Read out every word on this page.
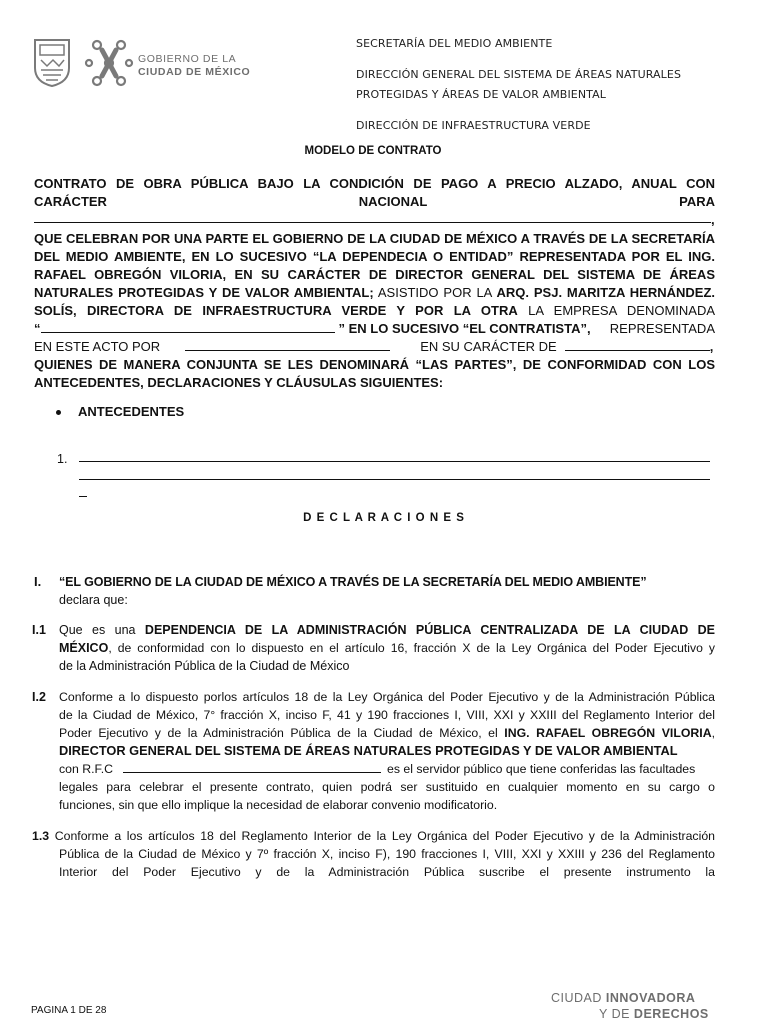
GOBIERNO DE LA
CIUDAD DE MÉXICO
SECRETARÍA DEL MEDIO AMBIENTE
DIRECCIÓN GENERAL DEL SISTEMA DE ÁREAS NATURALES
PROTEGIDAS Y ÁREAS DE VALOR AMBIENTAL
DIRECCIÓN DE INFRAESTRUCTURA VERDE
MODELO DE CONTRATO
CONTRATO DE OBRA PÚBLICA BAJO LA CONDICIÓN DE PAGO A PRECIO ALZADO, ANUAL CON
CARÁCTER	NACIONAL	PARA
,
QUE CELEBRAN POR UNA PARTE EL GOBIERNO DE LA CIUDAD DE MÉXICO A TRAVÉS DE LA SECRETARÍA
DEL MEDIO AMBIENTE, EN LO SUCESIVO “LA DEPENDECIA O ENTIDAD” REPRESENTADA POR EL ING.
RAFAEL OBREGÓN VILORIA, EN SU CARÁCTER DE DIRECTOR GENERAL DEL SISTEMA DE ÁREAS
NATURALES PROTEGIDAS Y DE VALOR AMBIENTAL; ASISTIDO POR LA ARQ. PSJ. MARITZA HERNÁNDEZ.
SOLÍS, DIRECTORA DE INFRAESTRUCTURA VERDE Y POR LA OTRA LA EMPRESA DENOMINADA
“	” EN LO SUCESIVO “EL CONTRATISTA”, REPRESENTADA
EN ESTE ACTO POR	EN SU CARÁCTER DE	,
QUIENES DE MANERA CONJUNTA SE LES DENOMINARÁ “LAS PARTES”, DE CONFORMIDAD CON LOS
ANTECEDENTES, DECLARACIONES Y CLÁUSULAS SIGUIENTES:
ANTECEDENTES
1.
D E C L A R A C I O N E S
I. “EL GOBIERNO DE LA CIUDAD DE MÉXICO A TRAVÉS DE LA SECRETARÍA DEL MEDIO AMBIENTE”
declara que:
I.1 Que es una DEPENDENCIA DE LA ADMINISTRACIÓN PÚBLICA CENTRALIZADA DE LA CIUDAD DE
MÉXICO, de conformidad con lo dispuesto en el artículo 16, fracción X de la Ley Orgánica del Poder Ejecutivo y
de la Administración Pública de la Ciudad de México
I.2 Conforme a lo dispuesto porlos artículos 18 de la Ley Orgánica del Poder Ejecutivo y de la Administración Pública
de la Ciudad de México, 7° fracción X, inciso F, 41 y 190 fracciones I, VIII, XXI y XXIII del Reglamento Interior del
Poder Ejecutivo y de la Administración Pública de la Ciudad de México, el ING. RAFAEL OBREGÓN VILORIA,
DIRECTOR GENERAL DEL SISTEMA DE ÁREAS NATURALES PROTEGIDAS Y DE VALOR AMBIENTAL
con R.F.C	es el servidor público que tiene conferidas las facultades
legales para celebrar el presente contrato, quien podrá ser sustituido en cualquier momento en su cargo o
funciones, sin que ello implique la necesidad de elaborar convenio modificatorio.
1.3 Conforme a los artículos 18 del Reglamento Interior de la Ley Orgánica del Poder Ejecutivo y de la Administración
Pública de la Ciudad de México y 7º fracción X, inciso F), 190 fracciones I, VIII, XXI y XXIII y 236 del Reglamento
Interior del Poder Ejecutivo y de la Administración Pública suscribe el presente instrumento la
PAGINA 1 DE 28
CIUDAD INNOVADORA
Y DE DERECHOS
